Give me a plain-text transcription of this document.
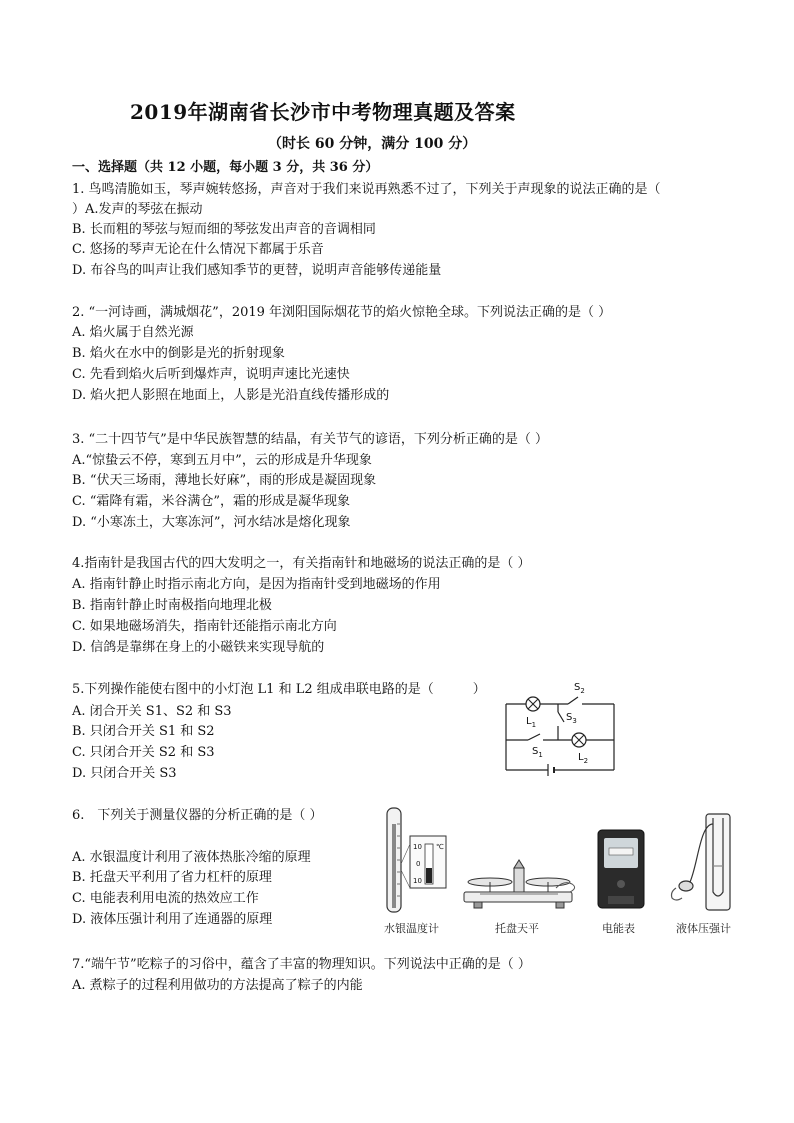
2019年湖南省长沙市中考物理真题及答案
（时长 60 分钟，满分 100 分）
一、选择题（共 12 小题，每小题 3 分，共 36 分）
1. 鸟鸣清脆如玉，琴声婉转悠扬，声音对于我们来说再熟悉不过了，下列关于声现象的说法正确的是（
）A.发声的琴弦在振动
B. 长而粗的琴弦与短而细的琴弦发出声音的音调相同
C. 悠扬的琴声无论在什么情况下都属于乐音
D. 布谷鸟的叫声让我们感知季节的更替，说明声音能够传递能量
2. “一河诗画，满城烟花”，2019 年浏阳国际烟花节的焰火惊艳全球。下列说法正确的是（ ）
A. 焰火属于自然光源
B. 焰火在水中的倒影是光的折射现象
C. 先看到焰火后听到爆炸声，说明声速比光速快
D. 焰火把人影照在地面上，人影是光沿直线传播形成的
3. “二十四节气”是中华民族智慧的结晶，有关节气的谚语，下列分析正确的是（ ）
A.“惊蛰云不停，寒到五月中”，云的形成是升华现象
B. “伏天三场雨，薄地长好麻”，雨的形成是凝固现象
C. “霜降有霜，米谷满仓”，霜的形成是凝华现象
D. “小寒冻土，大寒冻河”，河水结冰是熔化现象
4.指南针是我国古代的四大发明之一，有关指南针和地磁场的说法正确的是（ ）
A. 指南针静止时指示南北方向，是因为指南针受到地磁场的作用
B. 指南针静止时南极指向地理北极
C. 如果地磁场消失，指南针还能指示南北方向
D. 信鸽是靠绑在身上的小磁铁来实现导航的
5.下列操作能使右图中的小灯泡 L1 和 L2 组成串联电路的是（　　　）
A. 闭合开关 S1、S2 和 S3
B. 只闭合开关 S1 和 S2
C. 只闭合开关 S2 和 S3
D. 只闭合开关 S3
$L_1$
$L_2$
$S_1$
$S_2$
$S_3$
6.　下列关于测量仪器的分析正确的是（ ）
A. 水银温度计利用了液体热胀冷缩的原理
B. 托盘天平利用了省力杠杆的原理
C. 电能表利用电流的热效应工作
D. 液体压强计利用了连通器的原理
10 ℃
0
10
水银温度计	托盘天平	电能表	液体压强计
7.“端午节”吃粽子的习俗中，蕴含了丰富的物理知识。下列说法中正确的是（ ）
A. 煮粽子的过程利用做功的方法提高了粽子的内能
